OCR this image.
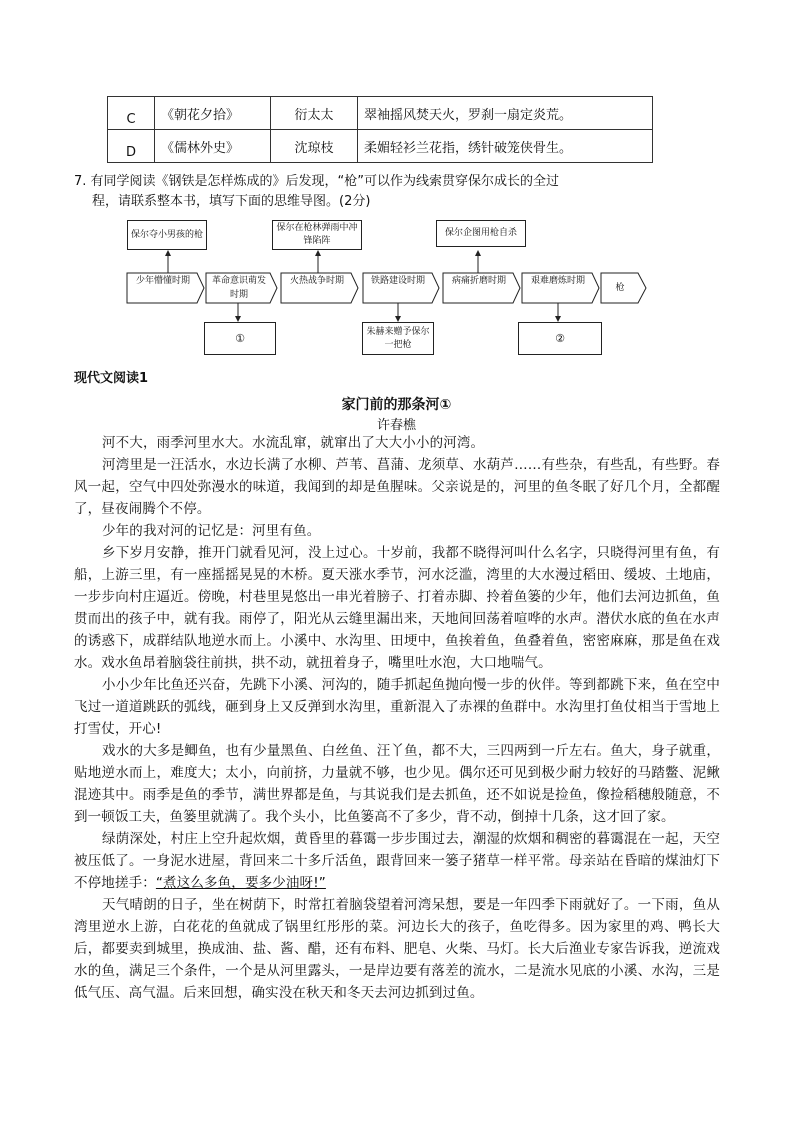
C	《朝花夕拾》	衍太太	翠袖摇风焚天火，罗刹一扇定炎荒。
D	《儒林外史》	沈琼枝	柔媚轻衫兰花指，绣针破笼侠骨生。
7. 有同学阅读《钢铁是怎样炼成的》后发现，“枪”可以作为线索贯穿保尔成长的全过
程，请联系整本书，填写下面的思维导图。(2分)
保尔夺小男孩的枪
保尔在枪林弹雨中冲锋陷阵
保尔企图用枪自杀
少年懵懂时期	革命意识萌发时期
火热战争时期	铁路建设时期	病痛折磨时期	艰难磨炼时期
枪
①
朱赫来赠予保尔一把枪	②
现代文阅读1
家门前的那条河①
许春樵
河不大，雨季河里水大。水流乱窜，就窜出了大大小小的河湾。
河湾里是一汪活水，水边长满了水柳、芦苇、菖蒲、龙须草、水葫芦……有些杂，有些乱，有些野。春风一起，空气中四处弥漫水的味道，我闻到的却是鱼腥味。父亲说是的，河里的鱼冬眠了好几个月，全都醒了，昼夜闹腾个不停。
少年的我对河的记忆是：河里有鱼。
乡下岁月安静，推开门就看见河，没上过心。十岁前，我都不晓得河叫什么名字，只晓得河里有鱼，有船，上游三里，有一座摇摇晃晃的木桥。夏天涨水季节，河水泛滥，湾里的大水漫过稻田、缓坡、土地庙，一步步向村庄逼近。傍晚，村巷里晃悠出一串光着膀子、打着赤脚、拎着鱼篓的少年，他们去河边抓鱼，鱼贯而出的孩子中，就有我。雨停了，阳光从云缝里漏出来，天地间回荡着喧哗的水声。潜伏水底的鱼在水声的诱惑下，成群结队地逆水而上。小溪中、水沟里、田埂中，鱼挨着鱼，鱼叠着鱼，密密麻麻，那是鱼在戏水。戏水鱼昂着脑袋往前拱，拱不动，就扭着身子，嘴里吐水泡，大口地喘气。
小小少年比鱼还兴奋，先跳下小溪、河沟的，随手抓起鱼抛向慢一步的伙伴。等到都跳下来，鱼在空中飞过一道道跳跃的弧线，砸到身上又反弹到水沟里，重新混入了赤裸的鱼群中。水沟里打鱼仗相当于雪地上打雪仗，开心!
戏水的大多是鲫鱼，也有少量黑鱼、白丝鱼、汪丫鱼，都不大，三四两到一斤左右。鱼大，身子就重，贴地逆水而上，难度大；太小，向前挤，力量就不够，也少见。偶尔还可见到极少耐力较好的马踏鳖、泥鳅混迹其中。雨季是鱼的季节，满世界都是鱼，与其说我们是去抓鱼，还不如说是捡鱼，像捡稻穗般随意，不到一顿饭工夫，鱼篓里就满了。我个头小，比鱼篓高不了多少，背不动，倒掉十几条，这才回了家。
绿荫深处，村庄上空升起炊烟，黄昏里的暮霭一步步围过去，潮湿的炊烟和稠密的暮霭混在一起，天空被压低了。一身泥水进屋，背回来二十多斤活鱼，跟背回来一篓子猪草一样平常。母亲站在昏暗的煤油灯下不停地搓手：“煮这么多鱼，要多少油呀!”
天气晴朗的日子，坐在树荫下，时常扛着脑袋望着河湾呆想，要是一年四季下雨就好了。一下雨，鱼从湾里逆水上游，白花花的鱼就成了锅里红彤彤的菜。河边长大的孩子，鱼吃得多。因为家里的鸡、鸭长大后，都要卖到城里，换成油、盐、酱、醋，还有布料、肥皂、火柴、马灯。长大后渔业专家告诉我，逆流戏水的鱼，满足三个条件，一个是从河里露头，一是岸边要有落差的流水，二是流水见底的小溪、水沟，三是低气压、高气温。后来回想，确实没在秋天和冬天去河边抓到过鱼。
